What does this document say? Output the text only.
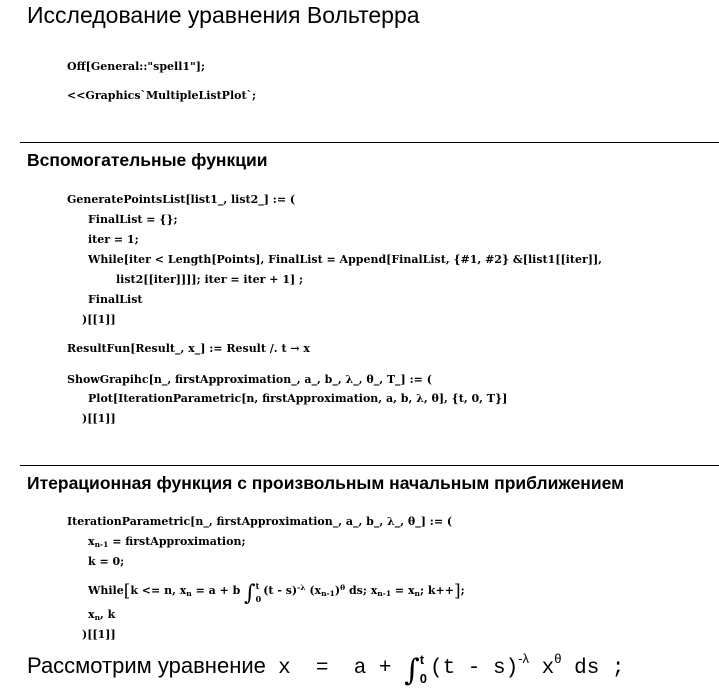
Исследование уравнения Вольтерра
Off[General::"spell1"];
<<Graphics`MultipleListPlot`;
Вспомогательные функции
GeneratePointsList[list1_, list2_] := (
FinalList = {};
iter = 1;
While[iter < Length[Points], FinalList = Append[FinalList, {#1, #2} &[list1[[iter]],
list2[[iter]]]]; iter = iter + 1] ;
FinalList
)[[1]]
ResultFun[Result_, x_] := Result /. t → x
ShowGrapihc[n_, firstApproximation_, a_, b_, λ_, θ_, T_] := (
Plot[IterationParametric[n, firstApproximation, a, b, λ, θ], {t, 0, T}]
)[[1]]
Итерационная функция с произвольным начальным приближением
IterationParametric[n_, firstApproximation_, a_, b_, λ_, θ_] := (
$x_{n-1}$ = firstApproximation;
k = 0;
While[k <= n, $x_n = a + b$ ∫ t
0
(t - s)$^{-\lambda}$ $(x_{n-1})^\theta$ ds; $x_{n-1} = x_n$; k++];
$x_n$, k
)[[1]]
Рассмотрим уравнение  x  =  a + ∫ t
0 (t - s)$^{-\lambda}$ $x^\theta$ ds ;
